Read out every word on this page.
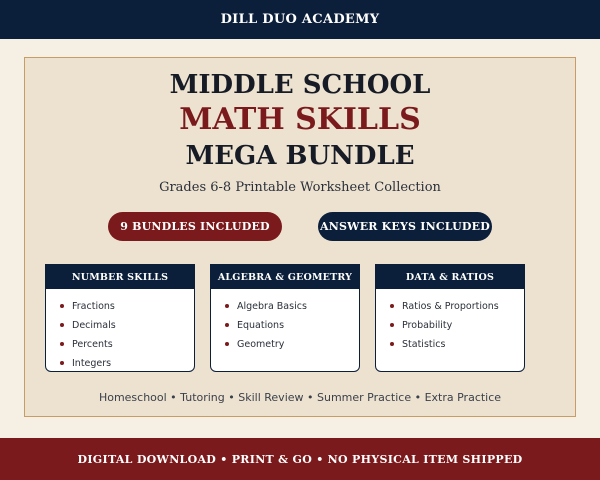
DILL DUO ACADEMY
MIDDLE SCHOOL
MATH SKILLS
MEGA BUNDLE
Grades 6-8 Printable Worksheet Collection
9 BUNDLES INCLUDED	ANSWER KEYS INCLUDED
NUMBER SKILLS
Fractions
Decimals
Percents
Integers
ALGEBRA & GEOMETRY
Algebra Basics
Equations
Geometry
DATA & RATIOS
Ratios & Proportions
Probability
Statistics
Homeschool • Tutoring • Skill Review • Summer Practice • Extra Practice
DIGITAL DOWNLOAD • PRINT & GO • NO PHYSICAL ITEM SHIPPED
